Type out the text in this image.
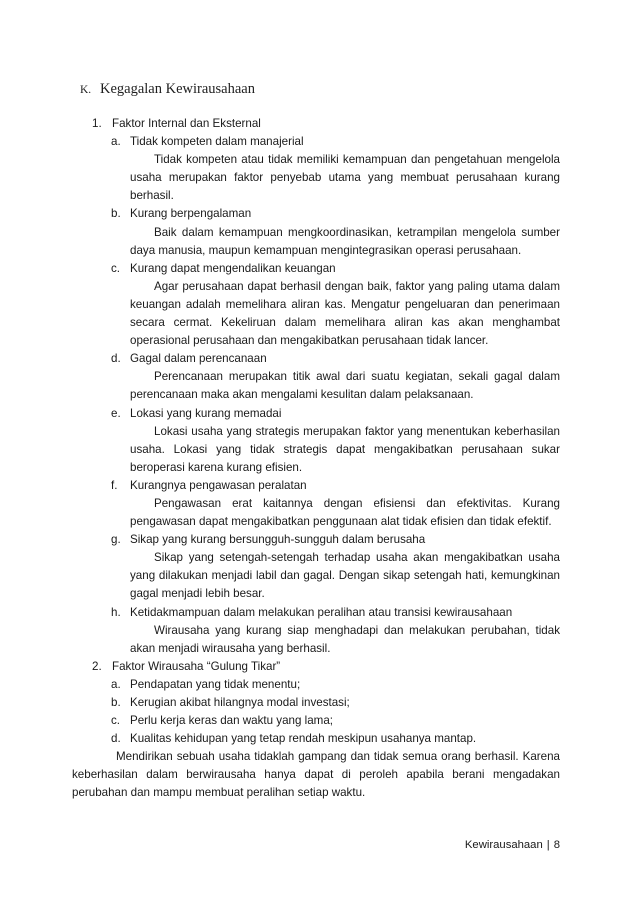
K. Kegagalan Kewirausahaan
1. Faktor Internal dan Eksternal
a. Tidak kompeten dalam manajerial
Tidak kompeten atau tidak memiliki kemampuan dan pengetahuan mengelola usaha merupakan faktor penyebab utama yang membuat perusahaan kurang berhasil.
b. Kurang berpengalaman
Baik dalam kemampuan mengkoordinasikan, ketrampilan mengelola sumber daya manusia, maupun kemampuan mengintegrasikan operasi perusahaan.
c. Kurang dapat mengendalikan keuangan
Agar perusahaan dapat berhasil dengan baik, faktor yang paling utama dalam keuangan adalah memelihara aliran kas. Mengatur pengeluaran dan penerimaan secara cermat. Kekeliruan dalam memelihara aliran kas akan menghambat operasional perusahaan dan mengakibatkan perusahaan tidak lancer.
d. Gagal dalam perencanaan
Perencanaan merupakan titik awal dari suatu kegiatan, sekali gagal dalam perencanaan maka akan mengalami kesulitan dalam pelaksanaan.
e. Lokasi yang kurang memadai
Lokasi usaha yang strategis merupakan faktor yang menentukan keberhasilan usaha. Lokasi yang tidak strategis dapat mengakibatkan perusahaan sukar beroperasi karena kurang efisien.
f. Kurangnya pengawasan peralatan
Pengawasan erat kaitannya dengan efisiensi dan efektivitas. Kurang pengawasan dapat mengakibatkan penggunaan alat tidak efisien dan tidak efektif.
g. Sikap yang kurang bersungguh-sungguh dalam berusaha
Sikap yang setengah-setengah terhadap usaha akan mengakibatkan usaha yang dilakukan menjadi labil dan gagal. Dengan sikap setengah hati, kemungkinan gagal menjadi lebih besar.
h. Ketidakmampuan dalam melakukan peralihan atau transisi kewirausahaan
Wirausaha yang kurang siap menghadapi dan melakukan perubahan, tidak akan menjadi wirausaha yang berhasil.
2. Faktor Wirausaha “Gulung Tikar”
a. Pendapatan yang tidak menentu;
b. Kerugian akibat hilangnya modal investasi;
c. Perlu kerja keras dan waktu yang lama;
d. Kualitas kehidupan yang tetap rendah meskipun usahanya mantap.
Mendirikan sebuah usaha tidaklah gampang dan tidak semua orang berhasil. Karena keberhasilan dalam berwirausaha hanya dapat di peroleh apabila berani mengadakan perubahan dan mampu membuat peralihan setiap waktu.
Kewirausahaan | 8
